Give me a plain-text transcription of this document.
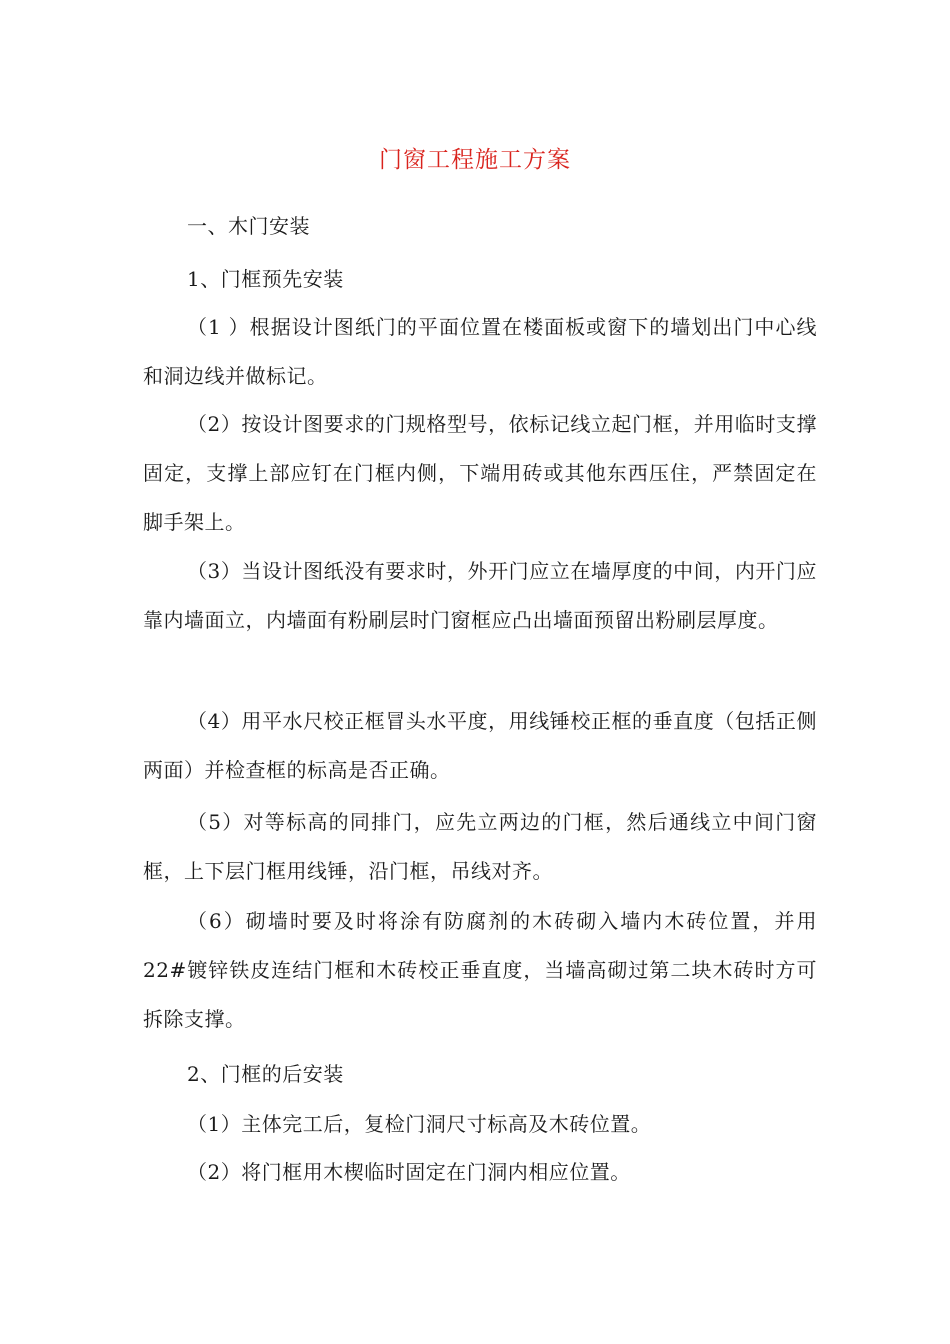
门窗工程施工方案

一、木门安装

1、门框预先安装

（1 ）根据设计图纸门的平面位置在楼面板或窗下的墙划出门中心线和洞边线并做标记。

（2）按设计图要求的门规格型号，依标记线立起门框，并用临时支撑固定，支撑上部应钉在门框内侧，下端用砖或其他东西压住，严禁固定在脚手架上。

（3）当设计图纸没有要求时，外开门应立在墙厚度的中间，内开门应靠内墙面立，内墙面有粉刷层时门窗框应凸出墙面预留出粉刷层厚度。

（4）用平水尺校正框冒头水平度，用线锤校正框的垂直度（包括正侧两面）并检查框的标高是否正确。

（5）对等标高的同排门，应先立两边的门框，然后通线立中间门窗框，上下层门框用线锤，沿门框，吊线对齐。

（6）砌墙时要及时将涂有防腐剂的木砖砌入墙内木砖位置，并用22#镀锌铁皮连结门框和木砖校正垂直度，当墙高砌过第二块木砖时方可拆除支撑。

2、门框的后安装

（1）主体完工后，复检门洞尺寸标高及木砖位置。

（2）将门框用木楔临时固定在门洞内相应位置。
